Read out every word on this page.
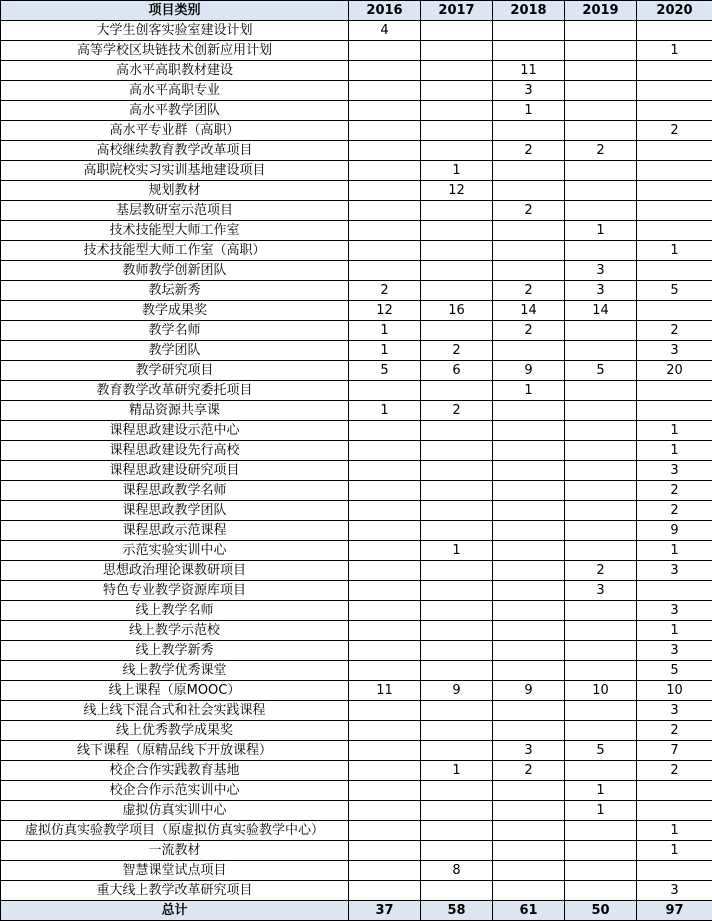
项目类别	2016	2017	2018	2019	2020
大学生创客实验室建设计划	4				
高等学校区块链技术创新应用计划					1
高水平高职教材建设			11		
高水平高职专业			3		
高水平教学团队			1		
高水平专业群（高职）					2
高校继续教育教学改革项目			2	2	
高职院校实习实训基地建设项目		1			
规划教材		12			
基层教研室示范项目			2		
技术技能型大师工作室				1	
技术技能型大师工作室（高职）					1
教师教学创新团队				3	
教坛新秀	2		2	3	5
教学成果奖	12	16	14	14	
教学名师	1		2		2
教学团队	1	2			3
教学研究项目	5	6	9	5	20
教育教学改革研究委托项目			1		
精品资源共享课	1	2			
课程思政建设示范中心					1
课程思政建设先行高校					1
课程思政建设研究项目					3
课程思政教学名师					2
课程思政教学团队					2
课程思政示范课程					9
示范实验实训中心		1			1
思想政治理论课教研项目				2	3
特色专业教学资源库项目				3	
线上教学名师					3
线上教学示范校					1
线上教学新秀					3
线上教学优秀课堂					5
线上课程（原MOOC）	11	9	9	10	10
线上线下混合式和社会实践课程					3
线上优秀教学成果奖					2
线下课程（原精品线下开放课程）			3	5	7
校企合作实践教育基地		1	2		2
校企合作示范实训中心				1	
虚拟仿真实训中心				1	
虚拟仿真实验教学项目（原虚拟仿真实验教学中心）					1
一流教材					1
智慧课堂试点项目		8			
重大线上教学改革研究项目					3
总计	37	58	61	50	97
